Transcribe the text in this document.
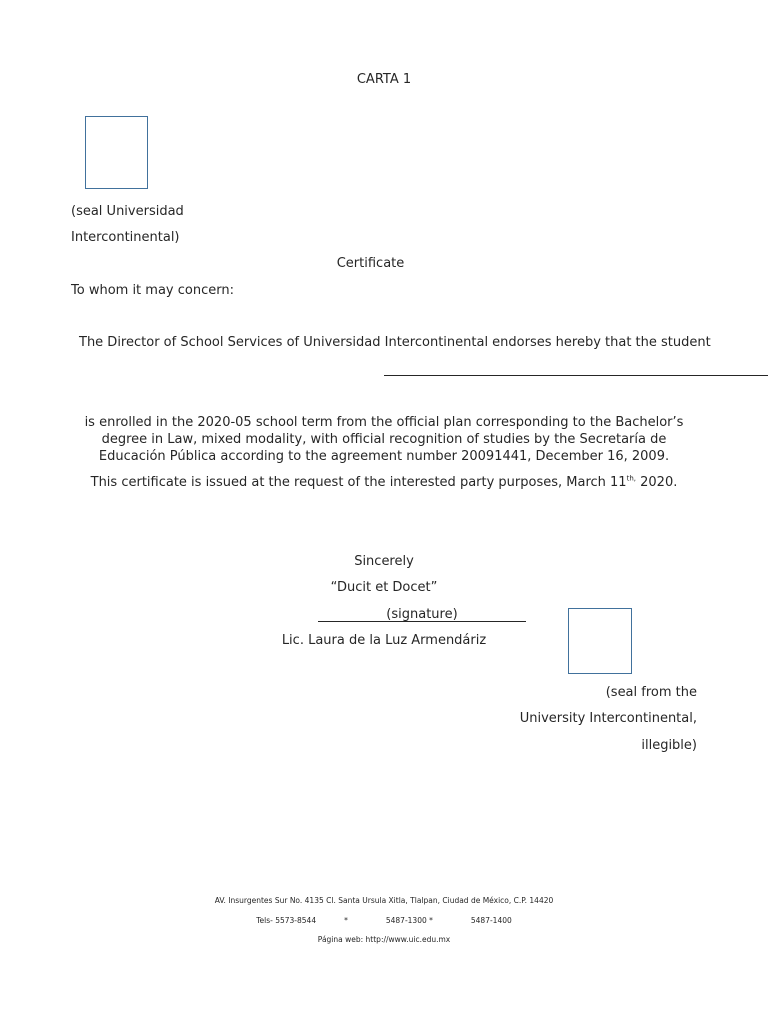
CARTA 1
(seal Universidad
Intercontinental)
Certificate
To whom it may concern:
The Director of School Services of Universidad Intercontinental endorses hereby that the student
is enrolled in the 2020-05 school term from the official plan corresponding to the Bachelor’s degree in Law, mixed modality, with official recognition of studies by the Secretaría de Educación Pública according to the agreement number 20091441, December 16, 2009.
This certificate is issued at the request of the interested party purposes, March $11^{th,}$ 2020.
Sincerely
“Ducit et Docet”
(signature)
Lic. Laura de la Luz Armendáriz
(seal from the
University Intercontinental,
illegible)
AV. Insurgentes Sur No. 4135 Cl. Santa Ursula Xitla, Tlalpan, Ciudad de México, C.P. 14420
Tels- 5573-8544	*	5487-1300 *	5487-1400
Página web: http://www.uic.edu.mx
